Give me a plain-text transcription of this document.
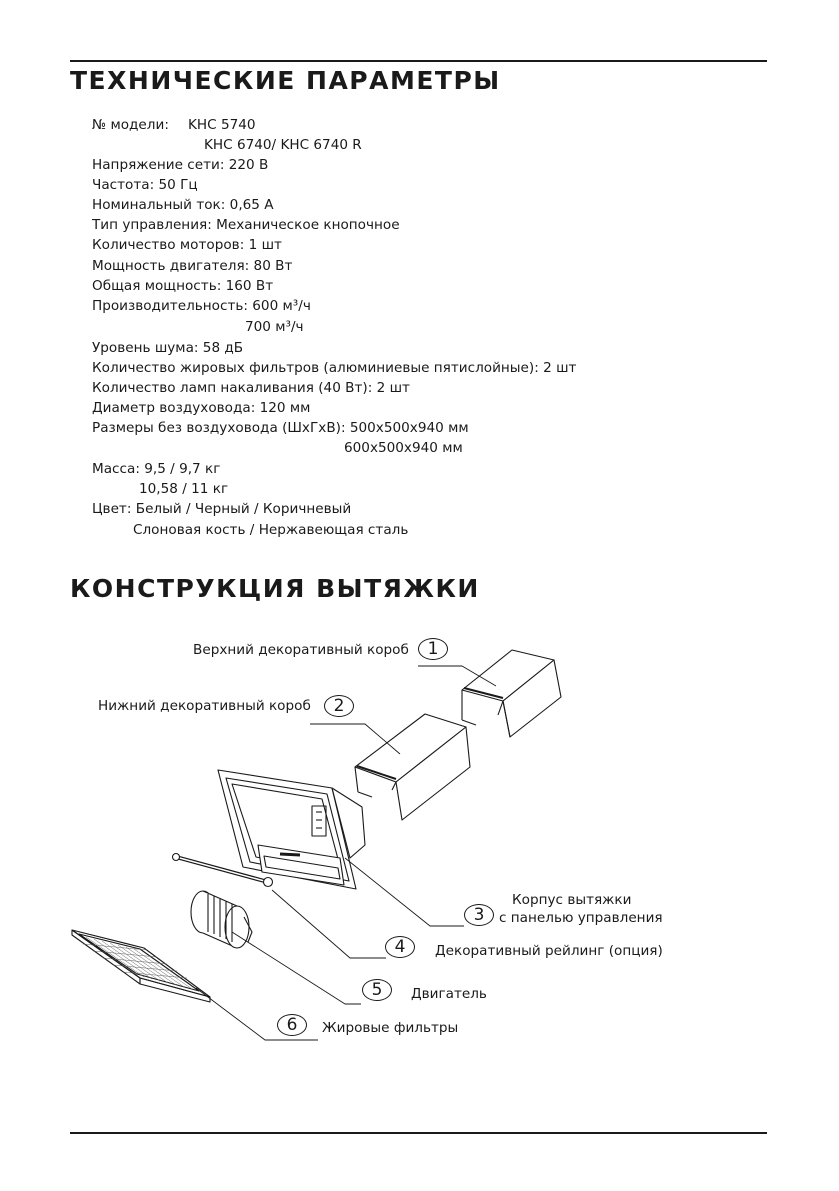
ТЕХНИЧЕСКИЕ ПАРАМЕТРЫ
№ модели: KHC 5740
KHC 6740/ KHC 6740 R
Напряжение сети: 220 В
Частота: 50 Гц
Номинальный ток: 0,65 А
Тип управления: Механическое кнопочное
Количество моторов: 1 шт
Мощность двигателя: 80 Вт
Общая мощность: 160 Вт
Производительность: 600 м³/ч
700 м³/ч
Уровень шума: 58 дБ
Количество жировых фильтров (алюминиевые пятислойные): 2 шт
Количество ламп накаливания (40 Вт): 2 шт
Диаметр воздуховода: 120 мм
Размеры без воздуховода (ШхГхВ): 500х500х940 мм
600х500х940 мм
Масса: 9,5 / 9,7 кг
10,58 / 11 кг
Цвет: Белый / Черный / Коричневый
Слоновая кость / Нержавеющая сталь
КОНСТРУКЦИЯ ВЫТЯЖКИ
1
2
3
4
5
6
Верхний декоративный короб
Нижний декоративный короб
Корпус вытяжки
с панелью управления
Декоративный рейлинг (опция)
Двигатель
Жировые фильтры
